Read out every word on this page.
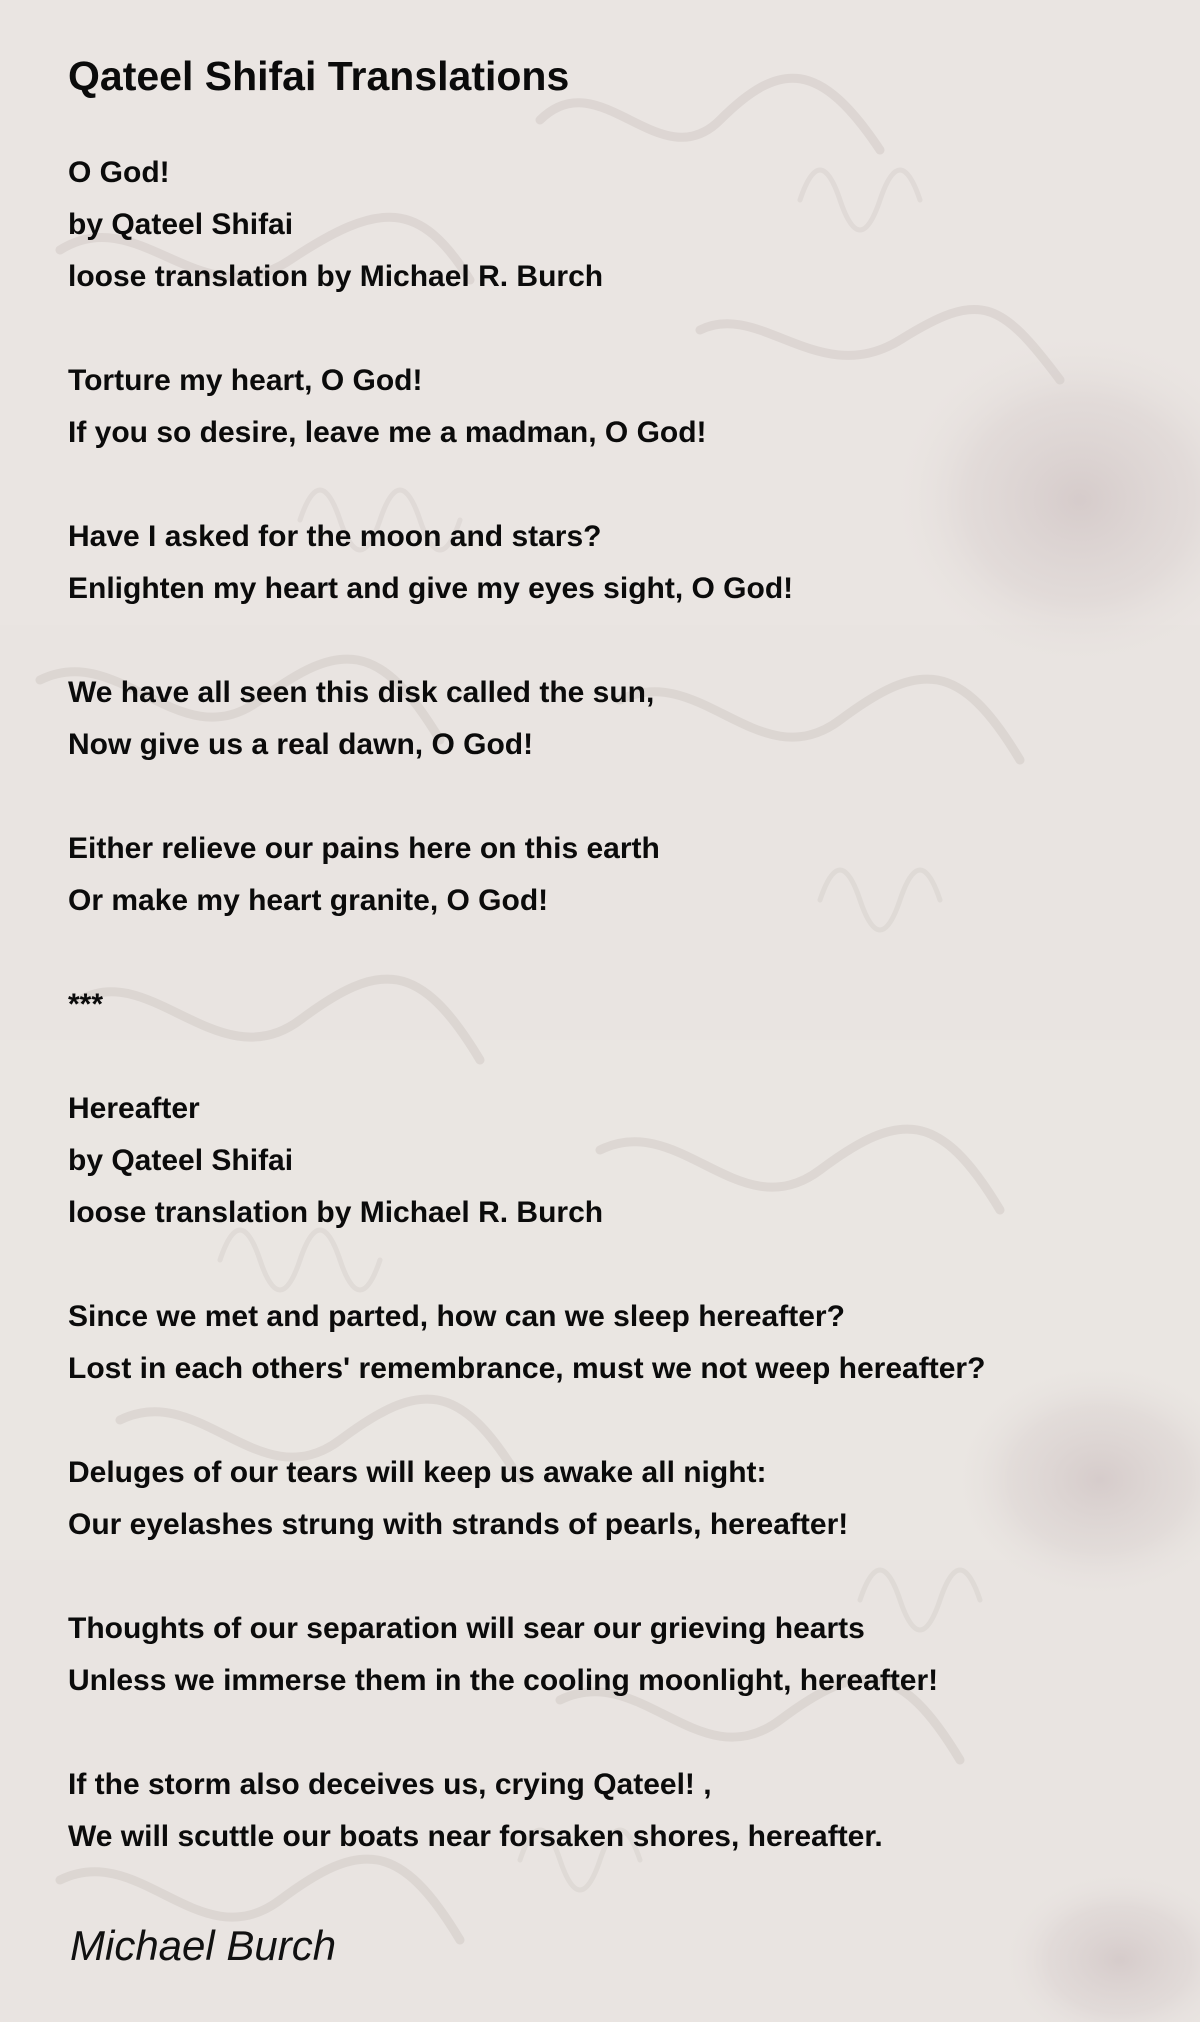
Qateel Shifai Translations
O God!
by Qateel Shifai
loose translation by Michael R. Burch
Torture my heart, O God!
If you so desire, leave me a madman, O God!
Have I asked for the moon and stars?
Enlighten my heart and give my eyes sight, O God!
We have all seen this disk called the sun,
Now give us a real dawn, O God!
Either relieve our pains here on this earth
Or make my heart granite, O God!
***
Hereafter
by Qateel Shifai
loose translation by Michael R. Burch
Since we met and parted, how can we sleep hereafter?
Lost in each others' remembrance, must we not weep hereafter?
Deluges of our tears will keep us awake all night:
Our eyelashes strung with strands of pearls, hereafter!
Thoughts of our separation will sear our grieving hearts
Unless we immerse them in the cooling moonlight, hereafter!
If the storm also deceives us, crying Qateel! ,
We will scuttle our boats near forsaken shores, hereafter.
Michael Burch
